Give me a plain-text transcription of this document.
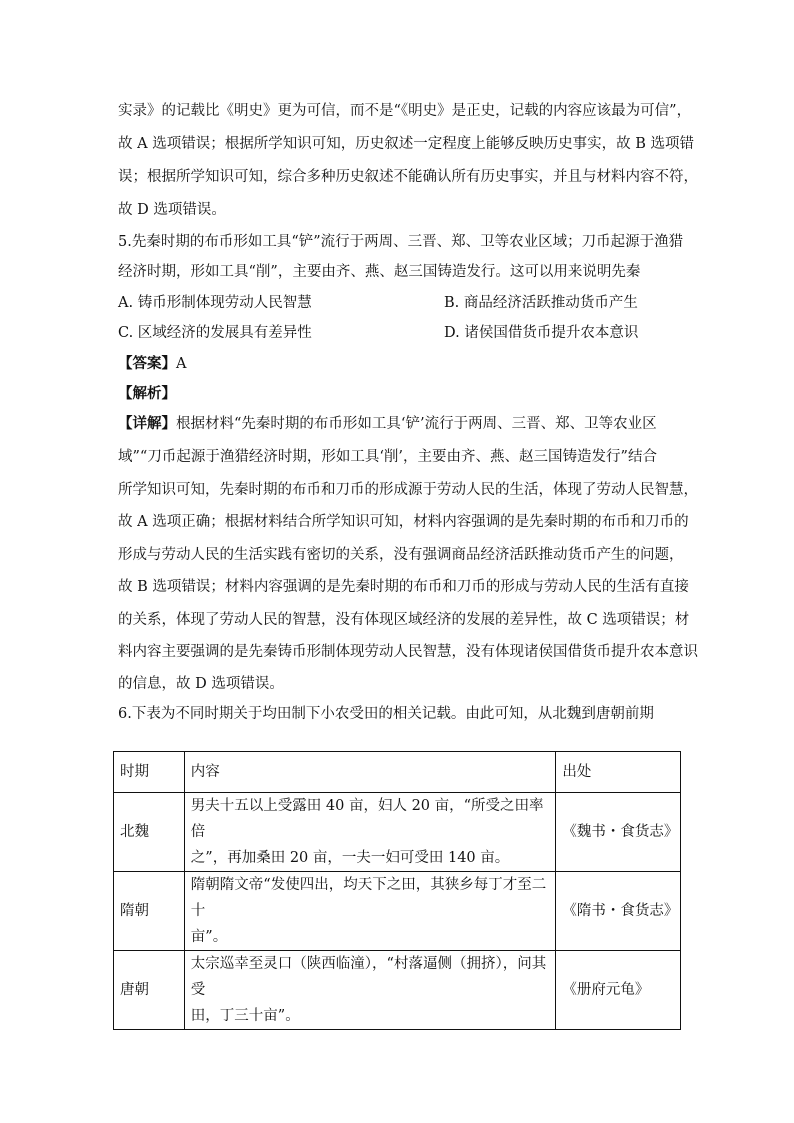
实录》的记载比《明史》更为可信，而不是“《明史》是正史，记载的内容应该最为可信”，
故 A 选项错误；根据所学知识可知，历史叙述一定程度上能够反映历史事实，故 B 选项错
误；根据所学知识可知，综合多种历史叙述不能确认所有历史事实，并且与材料内容不符，
故 D 选项错误。
5.先秦时期的布币形如工具“铲”流行于两周、三晋、郑、卫等农业区域；刀币起源于渔猎
经济时期，形如工具“削”，主要由齐、燕、赵三国铸造发行。这可以用来说明先秦
A. 铸币形制体现劳动人民智慧	B. 商品经济活跃推动货币产生
C. 区域经济的发展具有差异性	D. 诸侯国借货币提升农本意识
【答案】A
【解析】
【详解】根据材料“先秦时期的布币形如工具‘铲’流行于两周、三晋、郑、卫等农业区
域”“刀币起源于渔猎经济时期，形如工具‘削’，主要由齐、燕、赵三国铸造发行”结合
所学知识可知，先秦时期的布币和刀币的形成源于劳动人民的生活，体现了劳动人民智慧，
故 A 选项正确；根据材料结合所学知识可知，材料内容强调的是先秦时期的布币和刀币的
形成与劳动人民的生活实践有密切的关系，没有强调商品经济活跃推动货币产生的问题，
故 B 选项错误；材料内容强调的是先秦时期的布币和刀币的形成与劳动人民的生活有直接
的关系，体现了劳动人民的智慧，没有体现区域经济的发展的差异性，故 C 选项错误；材
料内容主要强调的是先秦铸币形制体现劳动人民智慧，没有体现诸侯国借货币提升农本意识
的信息，故 D 选项错误。
6.下表为不同时期关于均田制下小农受田的相关记载。由此可知，从北魏到唐朝前期
时期	内容	出处
北魏	男夫十五以上受露田 40 亩，妇人 20 亩，“所受之田率倍
之”，再加桑田 20 亩，一夫一妇可受田 140 亩。	《魏书・食货志》
隋朝	隋朝隋文帝“发使四出，均天下之田，其狭乡每丁才至二十
亩”。	《隋书・食货志》
唐朝	太宗巡幸至灵口（陕西临潼），“村落逼侧（拥挤），问其受
田，丁三十亩”。	《册府元龟》
